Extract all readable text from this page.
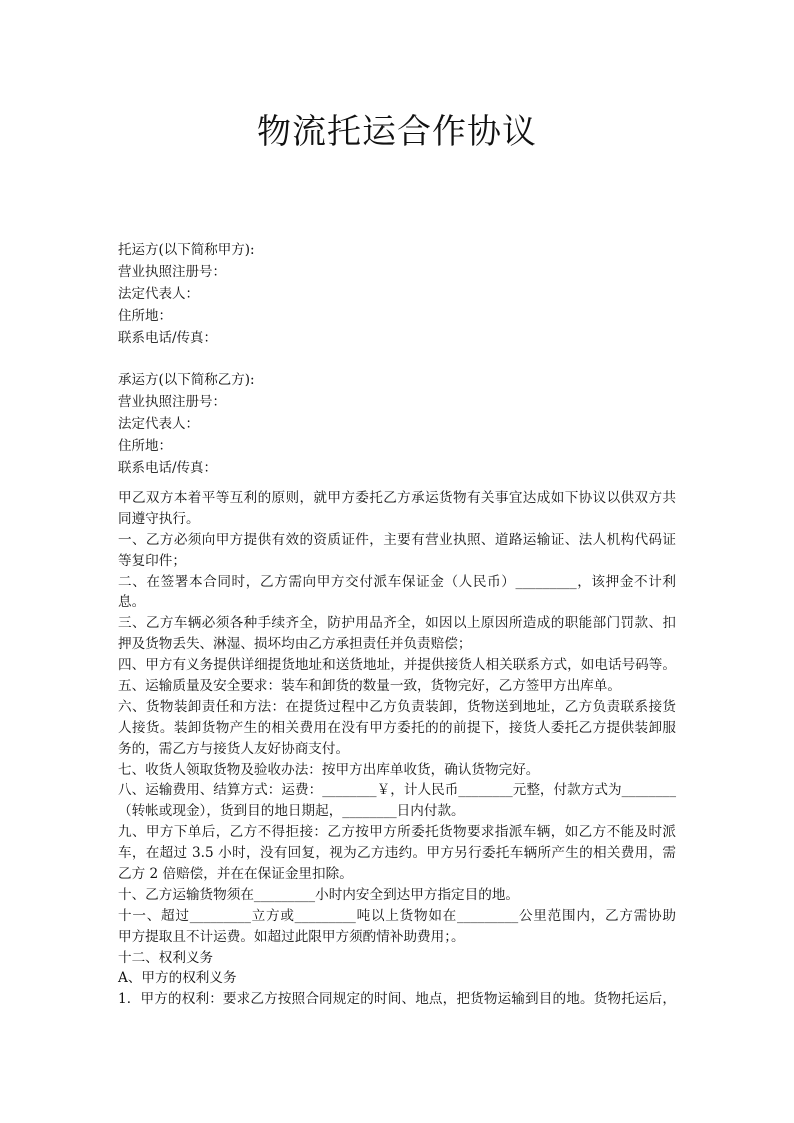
物流托运合作协议
托运方(以下简称甲方):
营业执照注册号：
法定代表人：
住所地：
联系电话/传真：
承运方(以下简称乙方):
营业执照注册号：
法定代表人：
住所地：
联系电话/传真：
甲乙双方本着平等互利的原则，就甲方委托乙方承运货物有关事宜达成如下协议以供双方共
同遵守执行。
一、乙方必须向甲方提供有效的资质证件，主要有营业执照、道路运输证、法人机构代码证
等复印件；
二、在签署本合同时，乙方需向甲方交付派车保证金（人民币）_________，该押金不计利
息。
三、乙方车辆必须各种手续齐全，防护用品齐全，如因以上原因所造成的职能部门罚款、扣
押及货物丢失、淋湿、损坏均由乙方承担责任并负责赔偿；
四、甲方有义务提供详细提货地址和送货地址，并提供接货人相关联系方式，如电话号码等。
五、运输质量及安全要求：装车和卸货的数量一致，货物完好，乙方签甲方出库单。
六、货物装卸责任和方法：在提货过程中乙方负责装卸，货物送到地址，乙方负责联系接货
人接货。装卸货物产生的相关费用在没有甲方委托的的前提下，接货人委托乙方提供装卸服
务的，需乙方与接货人友好协商支付。
七、收货人领取货物及验收办法：按甲方出库单收货，确认货物完好。
八、运输费用、结算方式：运费：________￥，计人民币________元整，付款方式为________
（转帐或现金），货到目的地日期起，________日内付款。
九、甲方下单后，乙方不得拒接：乙方按甲方所委托货物要求指派车辆，如乙方不能及时派
车，在超过 3.5 小时，没有回复，视为乙方违约。甲方另行委托车辆所产生的相关费用，需
乙方 2 倍赔偿，并在在保证金里扣除。
十、乙方运输货物须在_________小时内安全到达甲方指定目的地。
十一、超过_________立方或_________吨以上货物如在_________公里范围内，乙方需协助
甲方提取且不计运费。如超过此限甲方须酌情补助费用；。
十二、权利义务
A、甲方的权利义务
1．甲方的权利：要求乙方按照合同规定的时间、地点，把货物运输到目的地。货物托运后，
